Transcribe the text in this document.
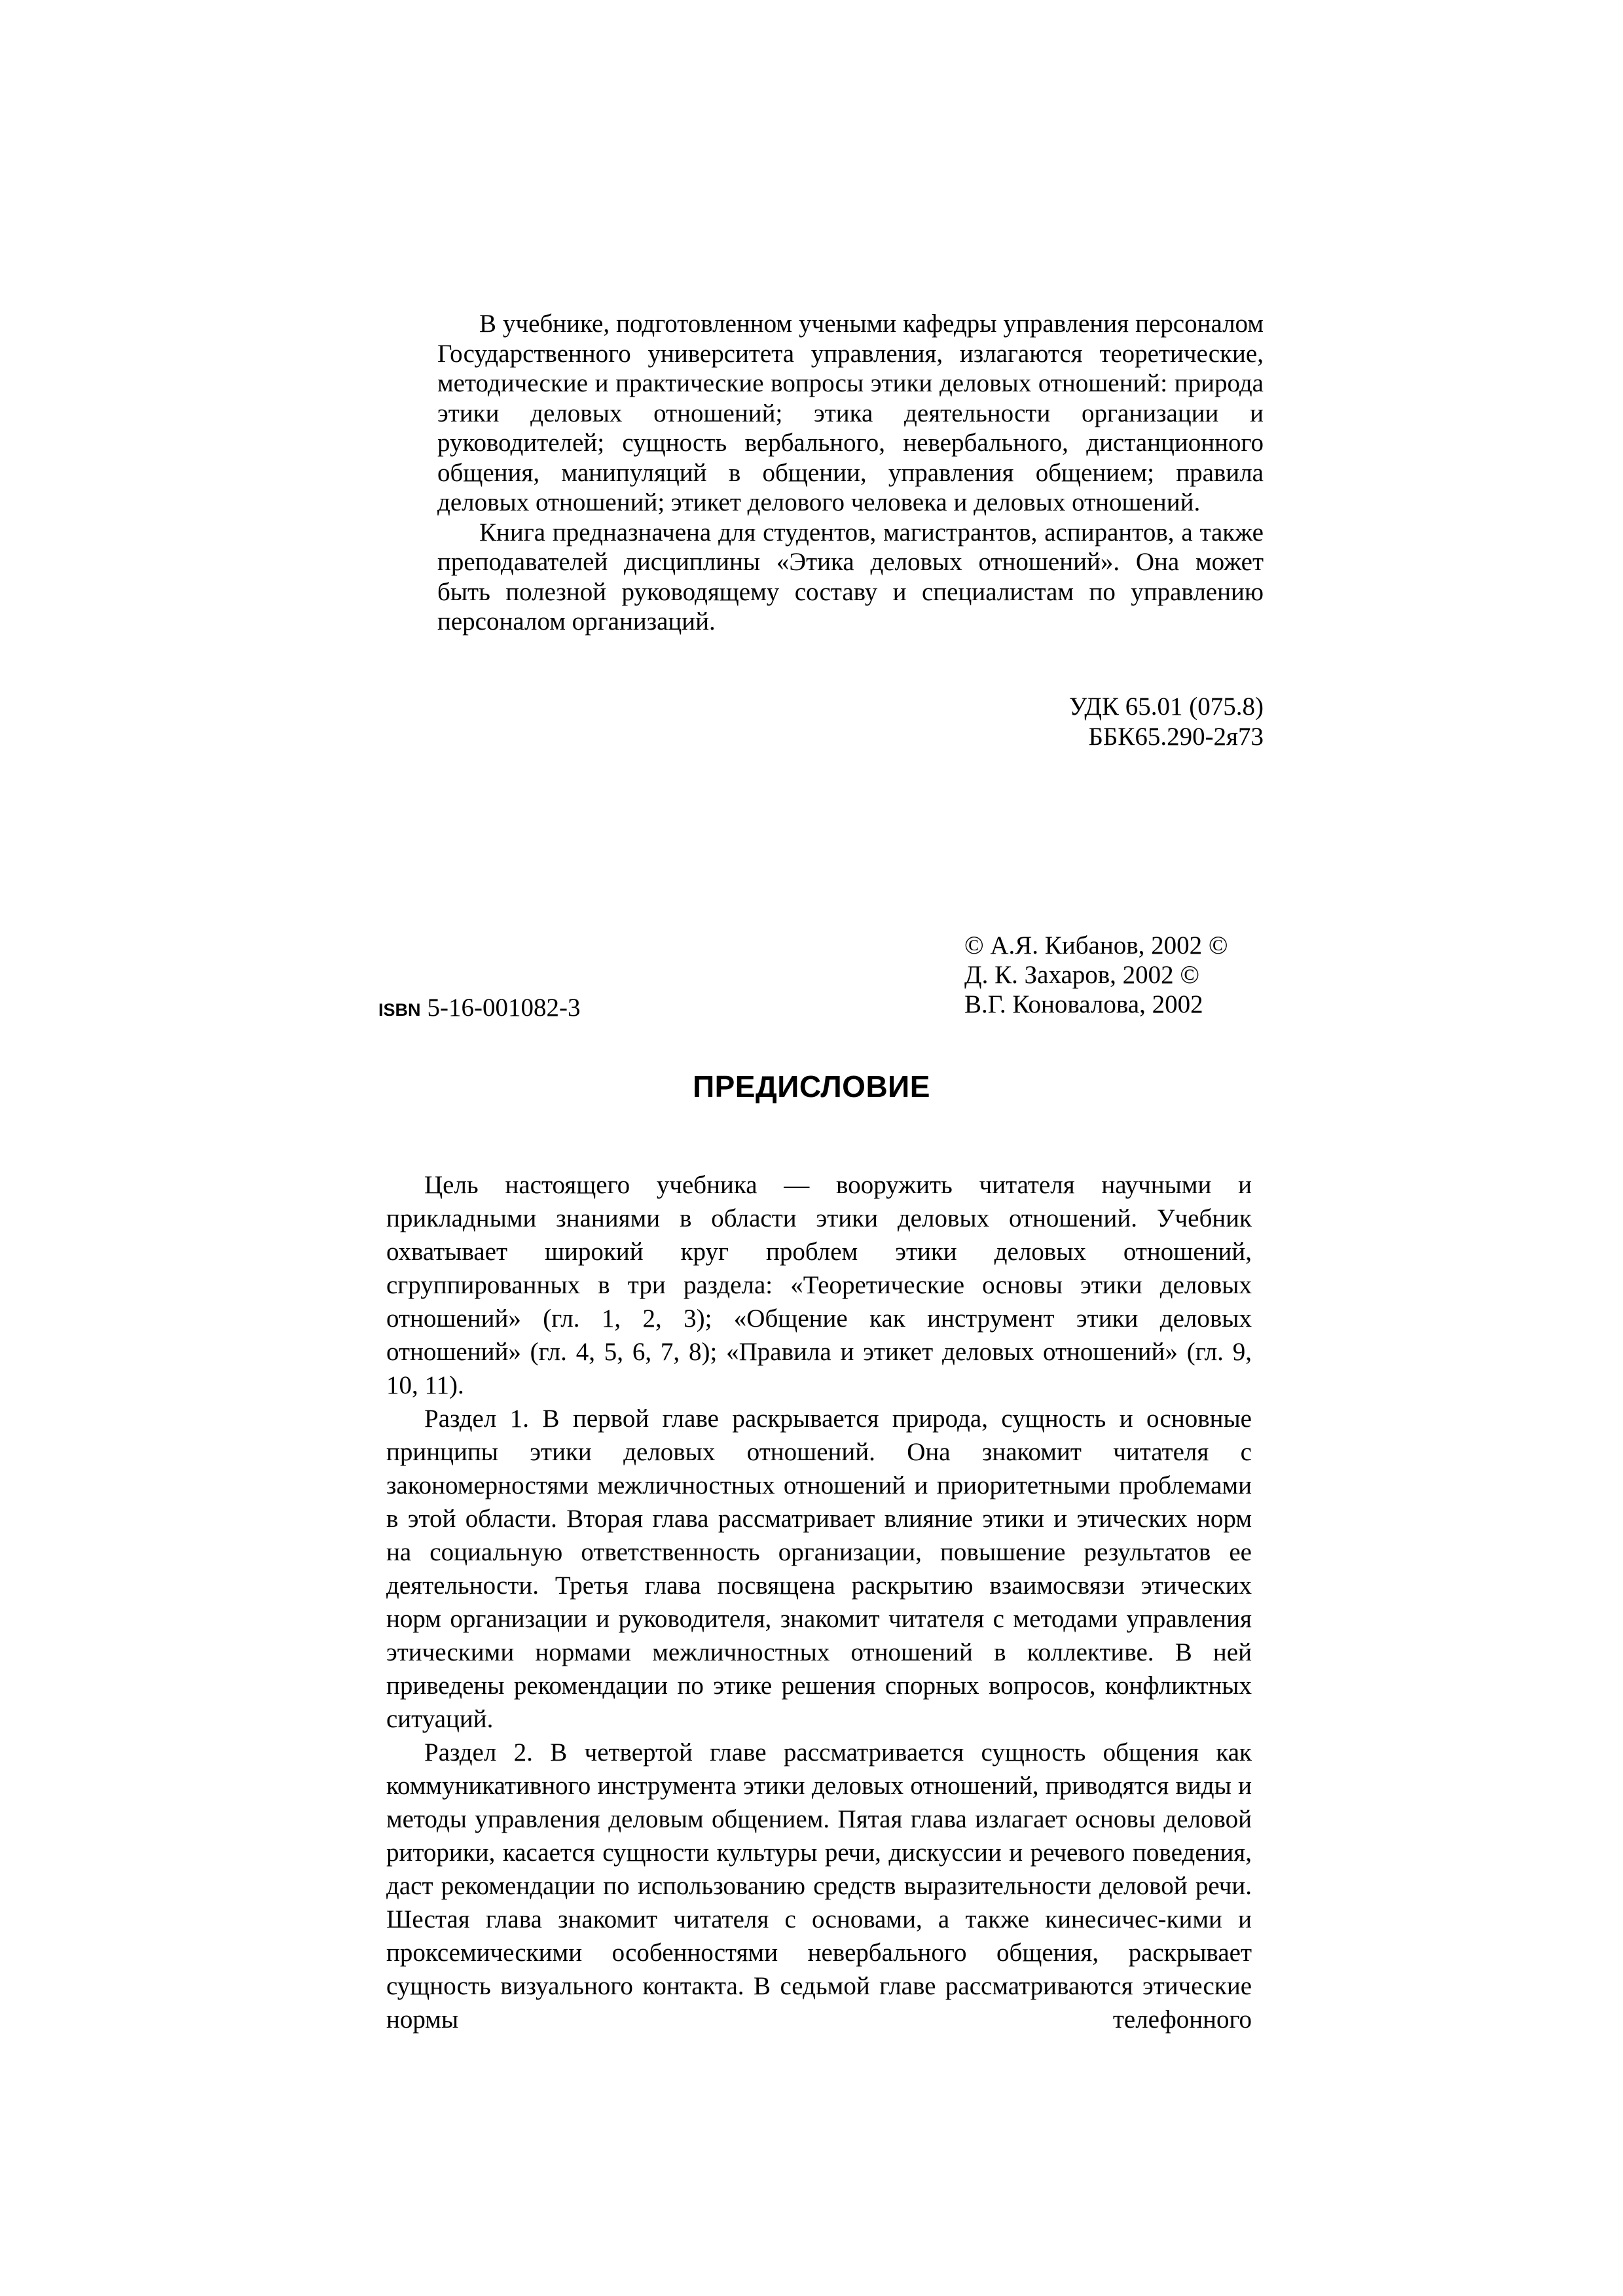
В учебнике, подготовленном учеными кафедры управления персоналом Государственного университета управления, излагаются теоретические, методические и практические вопросы этики деловых отношений: природа этики деловых отношений; этика деятельности организации и руководителей; сущность вербального, невербального, дистанционного общения, манипуляций в общении, управления общением; правила деловых отношений; этикет делового человека и деловых отношений.

Книга предназначена для студентов, магистрантов, аспирантов, а также преподавателей дисциплины «Этика деловых отношений». Она может быть полезной руководящему составу и специалистам по управлению персоналом организаций.

УДК 65.01 (075.8)
ББК65.290-2я73
© А.Я. Кибанов, 2002 ©
Д. К. Захаров, 2002 ©
В.Г. Коновалова, 2002
ISBN 5-16-001082-3
ПРЕДИСЛОВИЕ

Цель настоящего учебника — вооружить читателя научными и прикладными знаниями в области этики деловых отношений. Учебник охватывает широкий круг проблем этики деловых отношений, сгруппированных в три раздела: «Теоретические основы этики деловых отношений» (гл. 1, 2, 3); «Общение как инструмент этики деловых отношений» (гл. 4, 5, 6, 7, 8); «Правила и этикет деловых отношений» (гл. 9, 10, 11).

Раздел 1. В первой главе раскрывается природа, сущность и основные принципы этики деловых отношений. Она знакомит читателя с закономерностями межличностных отношений и приоритетными проблемами в этой области. Вторая глава рассматривает влияние этики и этических норм на социальную ответственность организации, повышение результатов ее деятельности. Третья глава посвящена раскрытию взаимосвязи этических норм организации и руководителя, знакомит читателя с методами управления этическими нормами межличностных отношений в коллективе. В ней приведены рекомендации по этике решения спорных вопросов, конфликтных ситуаций.

Раздел 2. В четвертой главе рассматривается сущность общения как коммуникативного инструмента этики деловых отношений, приводятся виды и методы управления деловым общением. Пятая глава излагает основы деловой риторики, касается сущности культуры речи, дискуссии и речевого поведения, даст рекомендации по использованию средств выразительности деловой речи. Шестая глава знакомит читателя с основами, а также кинесичес-кими и проксемическими особенностями невербального общения, раскрывает сущность визуального контакта. В седьмой главе рассматриваются этические нормы телефонного
